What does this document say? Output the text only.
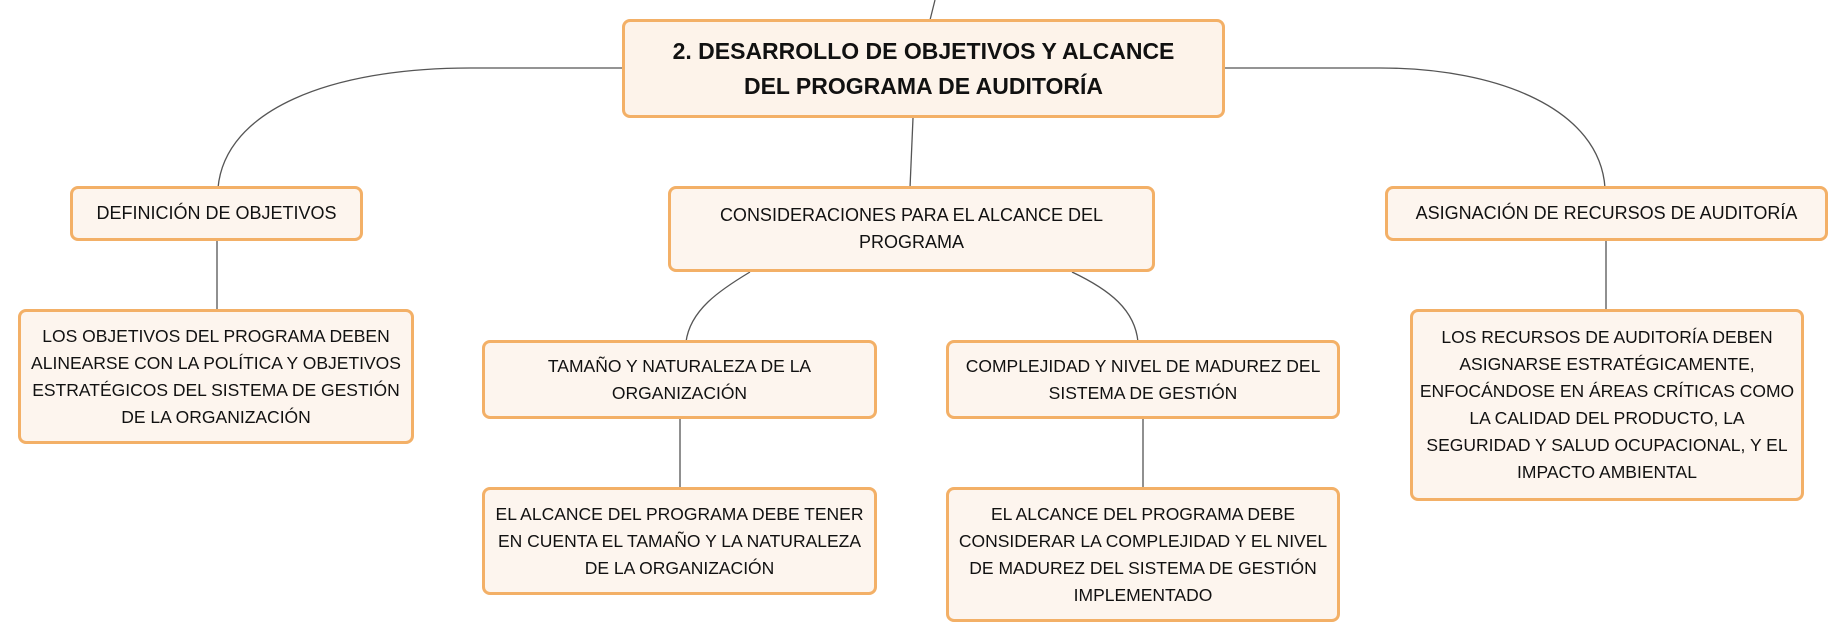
2. DESARROLLO DE OBJETIVOS Y ALCANCE DEL PROGRAMA DE AUDITORÍA
DEFINICIÓN DE OBJETIVOS	CONSIDERACIONES PARA EL ALCANCE DEL PROGRAMA
ASIGNACIÓN DE RECURSOS DE AUDITORÍA
LOS OBJETIVOS DEL PROGRAMA DEBEN ALINEARSE CON LA POLÍTICA Y OBJETIVOS ESTRATÉGICOS DEL SISTEMA DE GESTIÓN DE LA ORGANIZACIÓN
TAMAÑO Y NATURALEZA DE LA ORGANIZACIÓN
COMPLEJIDAD Y NIVEL DE MADUREZ DEL SISTEMA DE GESTIÓN
LOS RECURSOS DE AUDITORÍA DEBEN ASIGNARSE ESTRATÉGICAMENTE, ENFOCÁNDOSE EN ÁREAS CRÍTICAS COMO LA CALIDAD DEL PRODUCTO, LA SEGURIDAD Y SALUD OCUPACIONAL, Y EL IMPACTO AMBIENTAL
EL ALCANCE DEL PROGRAMA DEBE TENER EN CUENTA EL TAMAÑO Y LA NATURALEZA DE LA ORGANIZACIÓN
EL ALCANCE DEL PROGRAMA DEBE CONSIDERAR LA COMPLEJIDAD Y EL NIVEL DE MADUREZ DEL SISTEMA DE GESTIÓN IMPLEMENTADO
